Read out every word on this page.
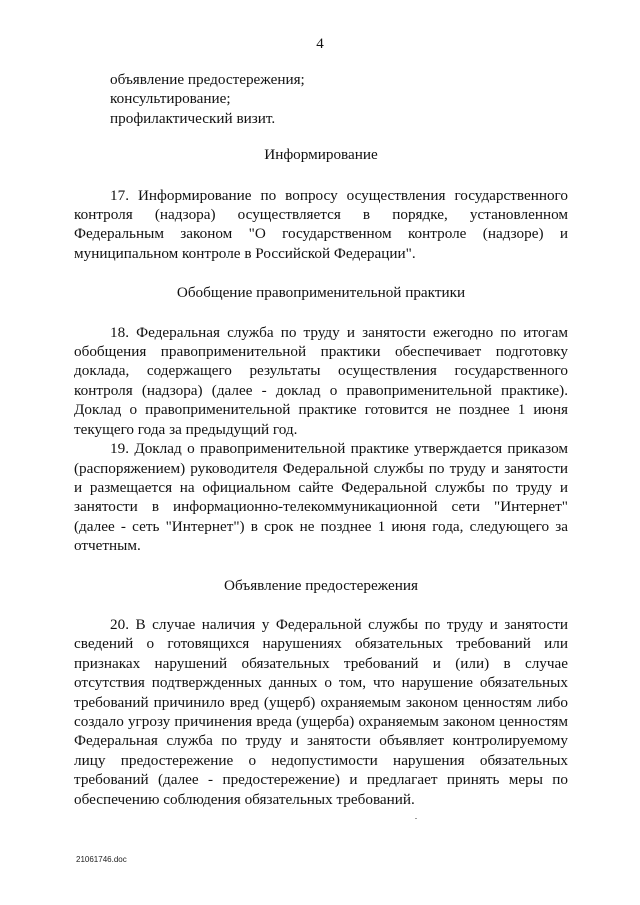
4

объявление предостережения;

консультирование;

профилактический визит.

Информирование

17. Информирование по вопросу осуществления государственного контроля (надзора) осуществляется в порядке, установленном Федеральным законом "О государственном контроле (надзоре) и муниципальном контроле в Российской Федерации".

Обобщение правоприменительной практики

18. Федеральная служба по труду и занятости ежегодно по итогам обобщения правоприменительной практики обеспечивает подготовку доклада, содержащего результаты осуществления государственного контроля (надзора) (далее - доклад о правоприменительной практике). Доклад о правоприменительной практике готовится не позднее 1 июня текущего года за предыдущий год.

19. Доклад о правоприменительной практике утверждается приказом (распоряжением) руководителя Федеральной службы по труду и занятости и размещается на официальном сайте Федеральной службы по труду и занятости в информационно-телекоммуникационной сети "Интернет" (далее - сеть "Интернет") в срок не позднее 1 июня года, следующего за отчетным.

Объявление предостережения

20. В случае наличия у Федеральной службы по труду и занятости сведений о готовящихся нарушениях обязательных требований или признаках нарушений обязательных требований и (или) в случае отсутствия подтвержденных данных о том, что нарушение обязательных требований причинило вред (ущерб) охраняемым законом ценностям либо создало угрозу причинения вреда (ущерба) охраняемым законом ценностям Федеральная служба по труду и занятости объявляет контролируемому лицу предостережение о недопустимости нарушения обязательных требований (далее - предостережение) и предлагает принять меры по обеспечению соблюдения обязательных требований.

21061746.doc
